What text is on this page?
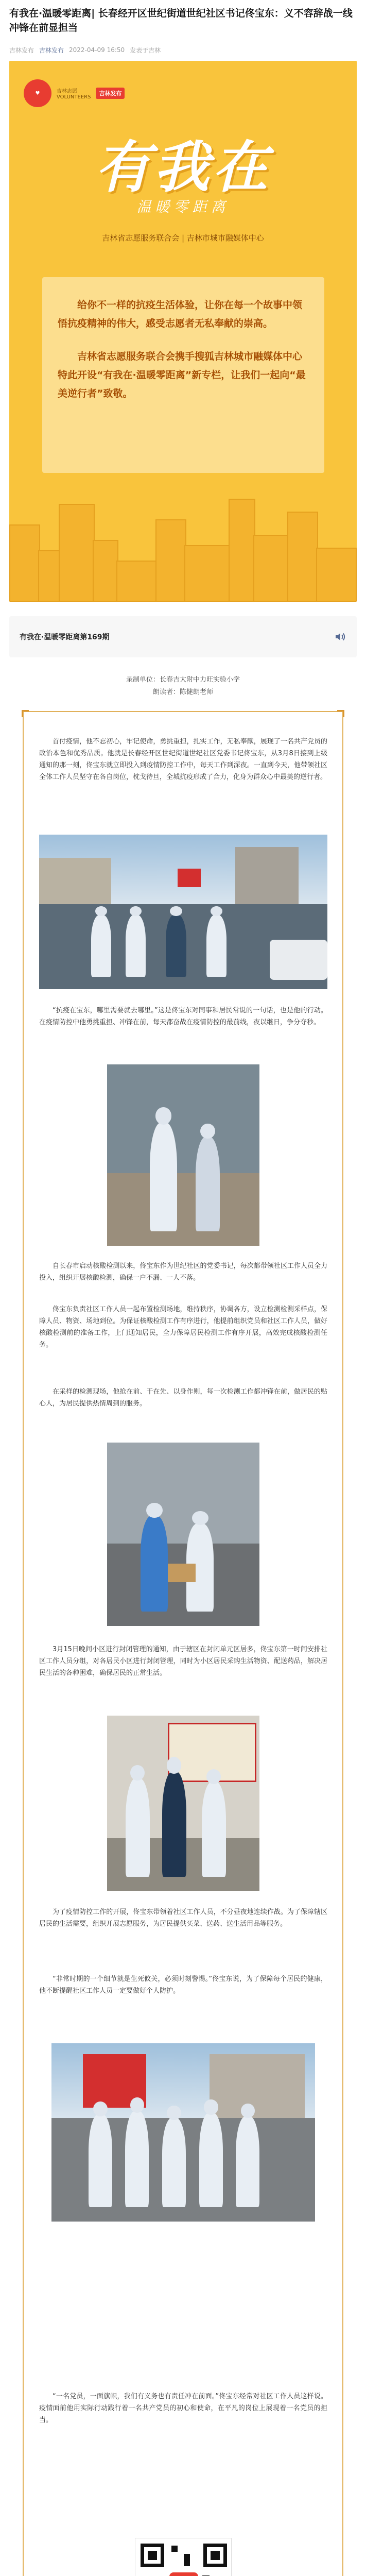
有我在·温暖零距离| 长春经开区世纪街道世纪社区书记佟宝东：义不容辞战一线 冲锋在前显担当
吉林发布 吉林发布 2022-04-09 16:50 发表于吉林
♥	吉林志愿
VOLUNTEERS
吉林发布
有我在
温暖零距离
吉林省志愿服务联合会 | 吉林市城市融媒体中心

给你不一样的抗疫生活体验，让你在每一个故事中领悟抗疫精神的伟大，感受志愿者无私奉献的崇高。

吉林省志愿服务联合会携手搜狐吉林城市融媒体中心特此开设“有我在·温暖零距离”新专栏，让我们一起向“最美逆行者”致敬。

有我在·温暖零距离第169期
录制单位：长春吉大附中力旺实验小学
朗读者：陈健朗老师
首付疫情，他不忘初心，牢记使命，勇挑重担，扎实工作，无私奉献，展现了一名共产党员的政治本色和优秀品质。他就是长春经开区世纪街道世纪社区党委书记佟宝东，从3月8日接到上级通知的那一刻，佟宝东就立即投入到疫情防控工作中，每天工作到深夜。一直到今天，他带领社区全体工作人员坚守在各自岗位，枕戈待旦，全城抗疫形成了合力，化身为群众心中最美的逆行者。
“抗疫在宝东，哪里需要就去哪里。”这是佟宝东对同事和居民常说的一句话，也是他的行动。在疫情防控中他勇挑重担、冲锋在前，每天都奋战在疫情防控的最前线，夜以继日，争分夺秒。
自长春市启动核酸检测以来，佟宝东作为世纪社区的党委书记，每次都带领社区工作人员全力投入，组织开展核酸检测，确保一户不漏、一人不落。
佟宝东负责社区工作人员一起布置检测场地，维持秩序，协调各方，设立检测检测采样点，保障人员、物资、场地到位。为保证核酸检测工作有序进行，他提前组织党员和社区工作人员，做好核酸检测前的准备工作，上门通知居民，全力保障居民检测工作有序开展，高效完成核酸检测任务。
在采样的检测现场，他抢在前、干在先、以身作则，每一次检测工作都冲锋在前，做居民的贴心人，为居民提供热情周到的服务。
3月15日晚间小区进行封闭管理的通知，由于辖区在封闭单元区居多，佟宝东第一时间安排社区工作人员分组，对各居民小区进行封闭管理，同时为小区居民采购生活物资、配送药品，解决居民生活的各种困难，确保居民的正常生活。
为了疫情防控工作的开展，佟宝东带领着社区工作人员，不分昼夜地连续作战。为了保障辖区居民的生活需要，组织开展志愿服务，为居民提供买菜、送药、送生活用品等服务。
“非常时期的一个细节就是生死攸关，必须时刻警惕。”佟宝东说，为了保障每个居民的健康，他不断提醒社区工作人员一定要做好个人防护。
“一名党员，一面旗帜，我们有义务也有责任冲在前面。”佟宝东经常对社区工作人员这样说。疫情面前他用实际行动践行着一名共产党员的初心和使命，在平凡的岗位上展现着一名党员的担当。
